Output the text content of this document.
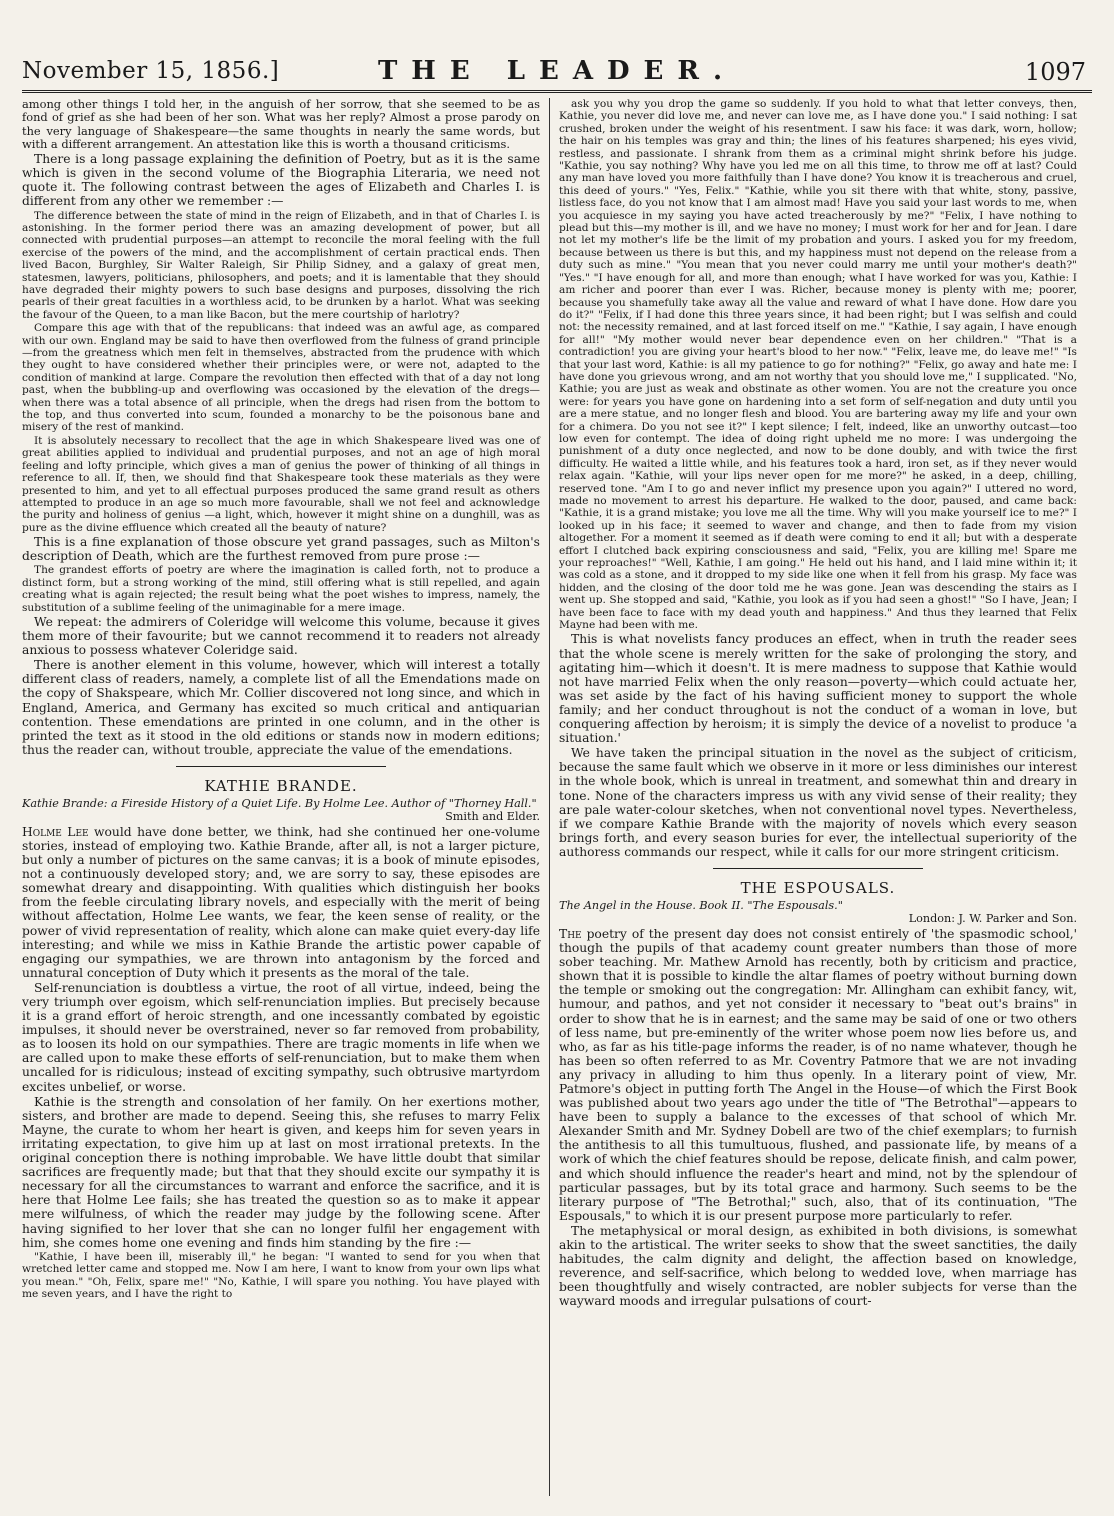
November 15, 1856.]	THE LEADER.	1097

among other things I told her, in the anguish of her sorrow, that she seemed to be as fond of grief as she had been of her son. What was her reply? Almost a prose parody on the very language of Shakespeare—the same thoughts in nearly the same words, but with a different arrangement. An attestation like this is worth a thousand criticisms.

There is a long passage explaining the definition of Poetry, but as it is the same which is given in the second volume of the Biographia Literaria, we need not quote it. The following contrast between the ages of Elizabeth and Charles I. is different from any other we remember :—

The difference between the state of mind in the reign of Elizabeth, and in that of Charles I. is astonishing. In the former period there was an amazing development of power, but all connected with prudential purposes—an attempt to reconcile the moral feeling with the full exercise of the powers of the mind, and the accomplishment of certain practical ends. Then lived Bacon, Burghley, Sir Walter Raleigh, Sir Philip Sidney, and a galaxy of great men, statesmen, lawyers, politicians, philosophers, and poets; and it is lamentable that they should have degraded their mighty powers to such base designs and purposes, dissolving the rich pearls of their great faculties in a worthless acid, to be drunken by a harlot. What was seeking the favour of the Queen, to a man like Bacon, but the mere courtship of harlotry?

Compare this age with that of the republicans: that indeed was an awful age, as compared with our own. England may be said to have then overflowed from the fulness of grand principle—from the greatness which men felt in themselves, abstracted from the prudence with which they ought to have considered whether their principles were, or were not, adapted to the condition of mankind at large. Compare the revolution then effected with that of a day not long past, when the bubbling-up and overflowing was occasioned by the elevation of the dregs—when there was a total absence of all principle, when the dregs had risen from the bottom to the top, and thus converted into scum, founded a monarchy to be the poisonous bane and misery of the rest of mankind.

It is absolutely necessary to recollect that the age in which Shakespeare lived was one of great abilities applied to individual and prudential purposes, and not an age of high moral feeling and lofty principle, which gives a man of genius the power of thinking of all things in reference to all. If, then, we should find that Shakespeare took these materials as they were presented to him, and yet to all effectual purposes produced the same grand result as others attempted to produce in an age so much more favourable, shall we not feel and acknowledge the purity and holiness of genius —a light, which, however it might shine on a dunghill, was as pure as the divine effluence which created all the beauty of nature?

This is a fine explanation of those obscure yet grand passages, such as Milton's description of Death, which are the furthest removed from pure prose :—

The grandest efforts of poetry are where the imagination is called forth, not to produce a distinct form, but a strong working of the mind, still offering what is still repelled, and again creating what is again rejected; the result being what the poet wishes to impress, namely, the substitution of a sublime feeling of the unimaginable for a mere image.

We repeat: the admirers of Coleridge will welcome this volume, because it gives them more of their favourite; but we cannot recommend it to readers not already anxious to possess whatever Coleridge said.

There is another element in this volume, however, which will interest a totally different class of readers, namely, a complete list of all the Emendations made on the copy of Shakspeare, which Mr. Collier discovered not long since, and which in England, America, and Germany has excited so much critical and antiquarian contention. These emendations are printed in one column, and in the other is printed the text as it stood in the old editions or stands now in modern editions; thus the reader can, without trouble, appreciate the value of the emendations.

KATHIE BRANDE.
Kathie Brande: a Fireside History of a Quiet Life. By Holme Lee. Author of "Thorney Hall."
Smith and Elder.

Holme Lee would have done better, we think, had she continued her one-volume stories, instead of employing two. Kathie Brande, after all, is not a larger picture, but only a number of pictures on the same canvas; it is a book of minute episodes, not a continuously developed story; and, we are sorry to say, these episodes are somewhat dreary and disappointing. With qualities which distinguish her books from the feeble circulating library novels, and especially with the merit of being without affectation, Holme Lee wants, we fear, the keen sense of reality, or the power of vivid representation of reality, which alone can make quiet every-day life interesting; and while we miss in Kathie Brande the artistic power capable of engaging our sympathies, we are thrown into antagonism by the forced and unnatural conception of Duty which it presents as the moral of the tale.

Self-renunciation is doubtless a virtue, the root of all virtue, indeed, being the very triumph over egoism, which self-renunciation implies. But precisely because it is a grand effort of heroic strength, and one incessantly combated by egoistic impulses, it should never be overstrained, never so far removed from probability, as to loosen its hold on our sympathies. There are tragic moments in life when we are called upon to make these efforts of self-renunciation, but to make them when uncalled for is ridiculous; instead of exciting sympathy, such obtrusive martyrdom excites unbelief, or worse.

Kathie is the strength and consolation of her family. On her exertions mother, sisters, and brother are made to depend. Seeing this, she refuses to marry Felix Mayne, the curate to whom her heart is given, and keeps him for seven years in irritating expectation, to give him up at last on most irrational pretexts. In the original conception there is nothing improbable. We have little doubt that similar sacrifices are frequently made; but that that they should excite our sympathy it is necessary for all the circumstances to warrant and enforce the sacrifice, and it is here that Holme Lee fails; she has treated the question so as to make it appear mere wilfulness, of which the reader may judge by the following scene. After having signified to her lover that she can no longer fulfil her engagement with him, she comes home one evening and finds him standing by the fire :—

"Kathie, I have been ill, miserably ill," he began: "I wanted to send for you when that wretched letter came and stopped me. Now I am here, I want to know from your own lips what you mean." "Oh, Felix, spare me!" "No, Kathie, I will spare you nothing. You have played with me seven years, and I have the right to

ask you why you drop the game so suddenly. If you hold to what that letter conveys, then, Kathie, you never did love me, and never can love me, as I have done you." I said nothing: I sat crushed, broken under the weight of his resentment. I saw his face: it was dark, worn, hollow; the hair on his temples was gray and thin; the lines of his features sharpened; his eyes vivid, restless, and passionate. I shrank from them as a criminal might shrink before his judge. "Kathie, you say nothing? Why have you led me on all this time, to throw me off at last? Could any man have loved you more faithfully than I have done? You know it is treacherous and cruel, this deed of yours." "Yes, Felix." "Kathie, while you sit there with that white, stony, passive, listless face, do you not know that I am almost mad! Have you said your last words to me, when you acquiesce in my saying you have acted treacherously by me?" "Felix, I have nothing to plead but this—my mother is ill, and we have no money; I must work for her and for Jean. I dare not let my mother's life be the limit of my probation and yours. I asked you for my freedom, because between us there is but this, and my happiness must not depend on the release from a duty such as mine." "You mean that you never could marry me until your mother's death?" "Yes." "I have enough for all, and more than enough; what I have worked for was you, Kathie: I am richer and poorer than ever I was. Richer, because money is plenty with me; poorer, because you shamefully take away all the value and reward of what I have done. How dare you do it?" "Felix, if I had done this three years since, it had been right; but I was selfish and could not: the necessity remained, and at last forced itself on me." "Kathie, I say again, I have enough for all!" "My mother would never bear dependence even on her children." "That is a contradiction! you are giving your heart's blood to her now." "Felix, leave me, do leave me!" "Is that your last word, Kathie: is all my patience to go for nothing?" "Felix, go away and hate me: I have done you grievous wrong, and am not worthy that you should love me," I supplicated. "No, Kathie; you are just as weak and obstinate as other women. You are not the creature you once were: for years you have gone on hardening into a set form of self-negation and duty until you are a mere statue, and no longer flesh and blood. You are bartering away my life and your own for a chimera. Do you not see it?" I kept silence; I felt, indeed, like an unworthy outcast—too low even for contempt. The idea of doing right upheld me no more: I was undergoing the punishment of a duty once neglected, and now to be done doubly, and with twice the first difficulty. He waited a little while, and his features took a hard, iron set, as if they never would relax again. "Kathie, will your lips never open for me more?" he asked, in a deep, chilling, reserved tone. "Am I to go and never inflict my presence upon you again?" I uttered no word, made no movement to arrest his departure. He walked to the door, paused, and came back: "Kathie, it is a grand mistake; you love me all the time. Why will you make yourself ice to me?" I looked up in his face; it seemed to waver and change, and then to fade from my vision altogether. For a moment it seemed as if death were coming to end it all; but with a desperate effort I clutched back expiring consciousness and said, "Felix, you are killing me! Spare me your reproaches!" "Well, Kathie, I am going." He held out his hand, and I laid mine within it; it was cold as a stone, and it dropped to my side like one when it fell from his grasp. My face was hidden, and the closing of the door told me he was gone. Jean was descending the stairs as I went up. She stopped and said, "Kathie, you look as if you had seen a ghost!" "So I have, Jean; I have been face to face with my dead youth and happiness." And thus they learned that Felix Mayne had been with me.

This is what novelists fancy produces an effect, when in truth the reader sees that the whole scene is merely written for the sake of prolonging the story, and agitating him—which it doesn't. It is mere madness to suppose that Kathie would not have married Felix when the only reason—poverty—which could actuate her, was set aside by the fact of his having sufficient money to support the whole family; and her conduct throughout is not the conduct of a woman in love, but conquering affection by heroism; it is simply the device of a novelist to produce 'a situation.'

We have taken the principal situation in the novel as the subject of criticism, because the same fault which we observe in it more or less diminishes our interest in the whole book, which is unreal in treatment, and somewhat thin and dreary in tone. None of the characters impress us with any vivid sense of their reality; they are pale water-colour sketches, when not conventional novel types. Nevertheless, if we compare Kathie Brande with the majority of novels which every season brings forth, and every season buries for ever, the intellectual superiority of the authoress commands our respect, while it calls for our more stringent criticism.

THE ESPOUSALS.
The Angel in the House. Book II. "The Espousals."
London: J. W. Parker and Son.

The poetry of the present day does not consist entirely of 'the spasmodic school,' though the pupils of that academy count greater numbers than those of more sober teaching. Mr. Mathew Arnold has recently, both by criticism and practice, shown that it is possible to kindle the altar flames of poetry without burning down the temple or smoking out the congregation: Mr. Allingham can exhibit fancy, wit, humour, and pathos, and yet not consider it necessary to "beat out's brains" in order to show that he is in earnest; and the same may be said of one or two others of less name, but pre-eminently of the writer whose poem now lies before us, and who, as far as his title-page informs the reader, is of no name whatever, though he has been so often referred to as Mr. Coventry Patmore that we are not invading any privacy in alluding to him thus openly. In a literary point of view, Mr. Patmore's object in putting forth The Angel in the House—of which the First Book was published about two years ago under the title of "The Betrothal"—appears to have been to supply a balance to the excesses of that school of which Mr. Alexander Smith and Mr. Sydney Dobell are two of the chief exemplars; to furnish the antithesis to all this tumultuous, flushed, and passionate life, by means of a work of which the chief features should be repose, delicate finish, and calm power, and which should influence the reader's heart and mind, not by the splendour of particular passages, but by its total grace and harmony. Such seems to be the literary purpose of "The Betrothal;" such, also, that of its continuation, "The Espousals," to which it is our present purpose more particularly to refer.

The metaphysical or moral design, as exhibited in both divisions, is somewhat akin to the artistical. The writer seeks to show that the sweet sanctities, the daily habitudes, the calm dignity and delight, the affection based on knowledge, reverence, and self-sacrifice, which belong to wedded love, when marriage has been thoughtfully and wisely contracted, are nobler subjects for verse than the wayward moods and irregular pulsations of court-
